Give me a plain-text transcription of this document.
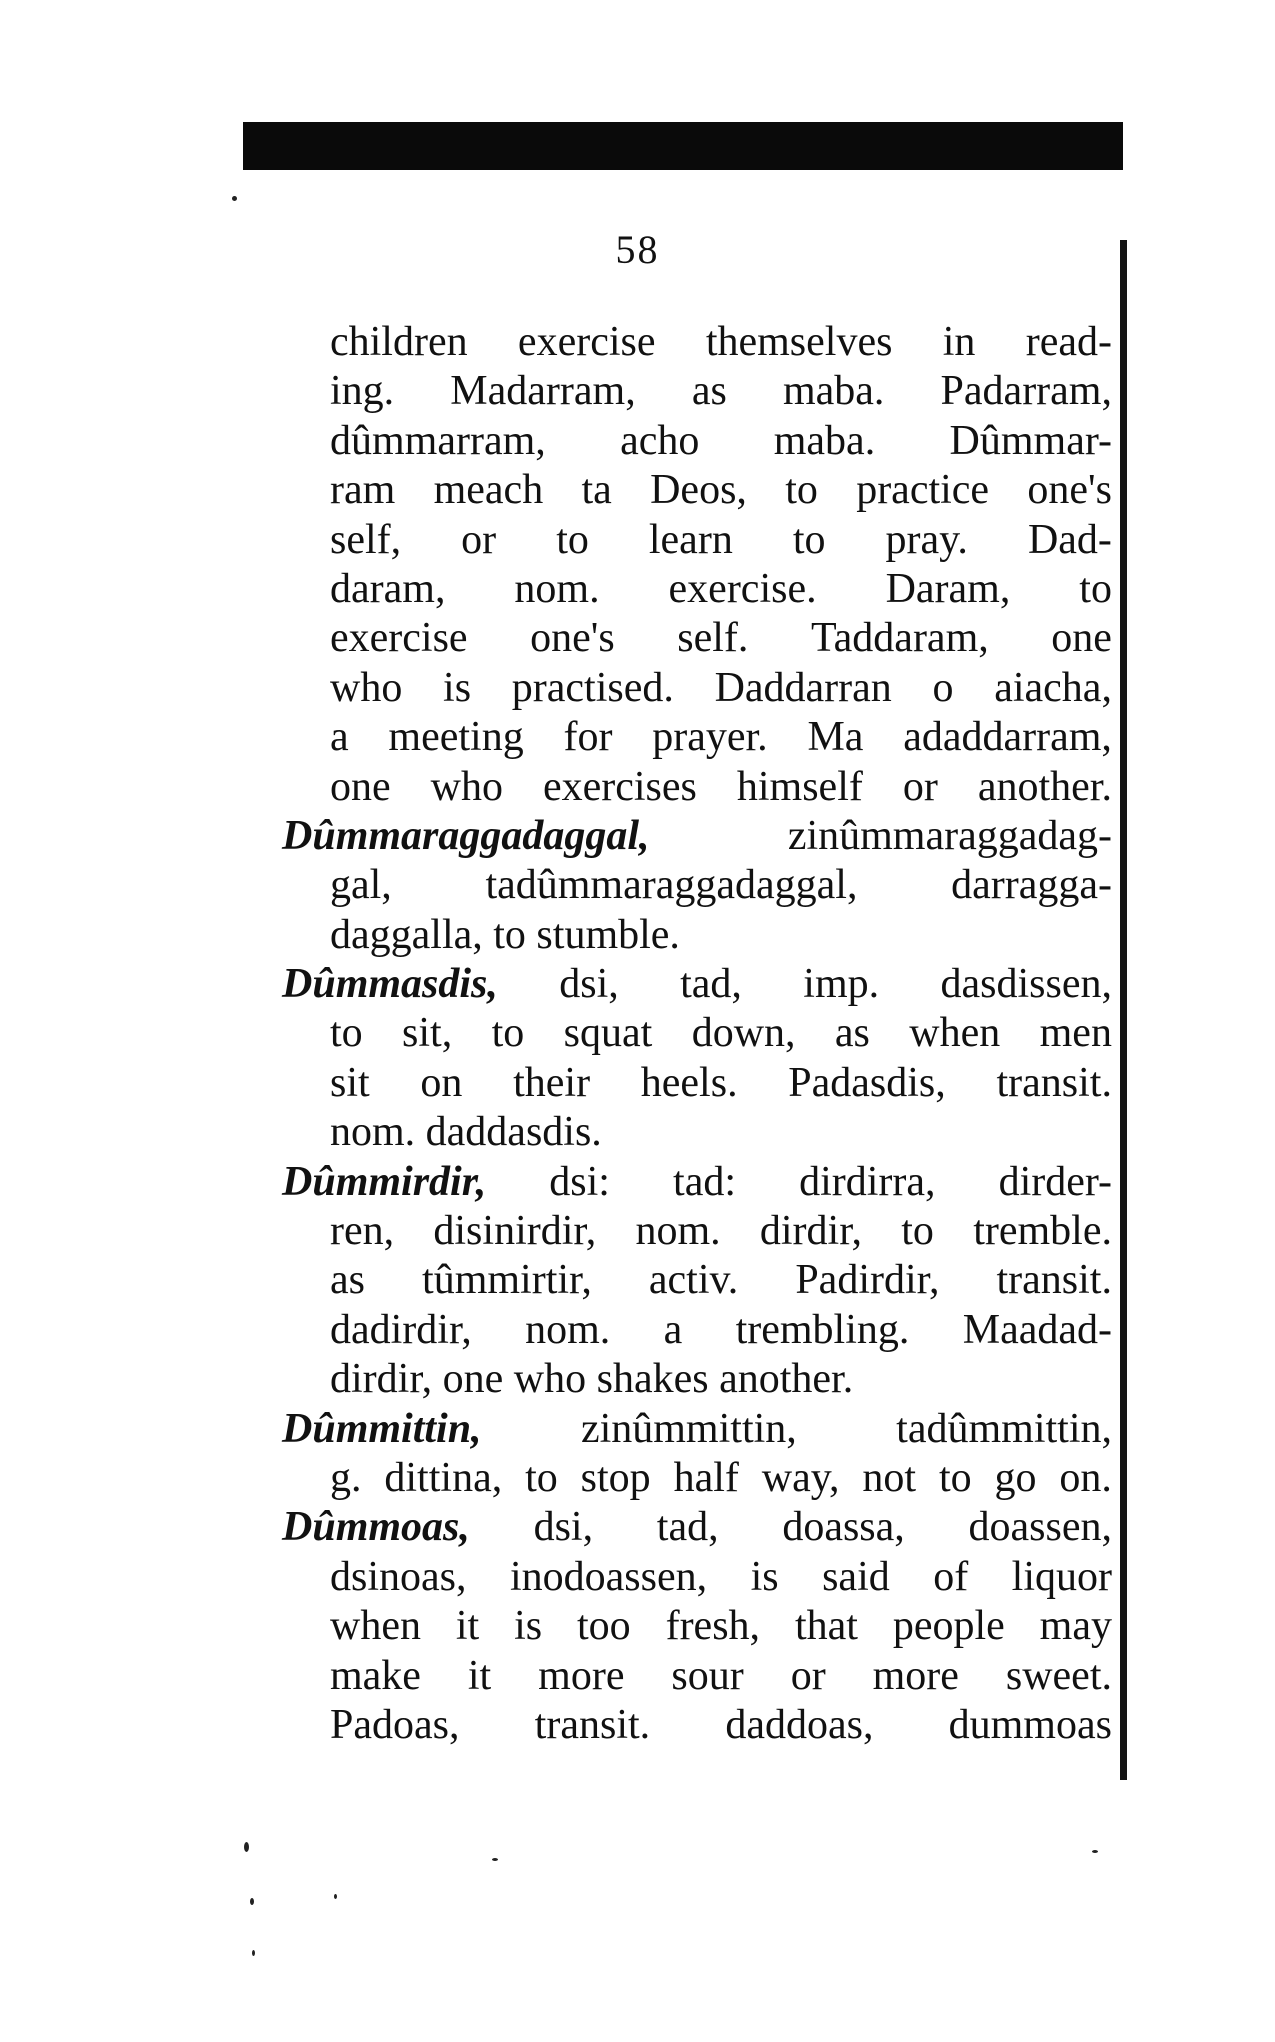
58
children exercise themselves in read-
ing. Madarram, as maba. Padarram,
dûmmarram, acho maba. Dûmmar-
ram meach ta Deos, to practice one's
self, or to learn to pray. Dad-
daram, nom. exercise. Daram, to
exercise one's self. Taddaram, one
who is practised. Daddarran o aiacha,
a meeting for prayer. Ma adaddarram,
one who exercises himself or another.
Dûmmaraggadaggal,	zinûmmaraggadag-
gal, tadûmmaraggadaggal, darragga-
daggalla, to stumble.
Dûmmasdis, dsi, tad, imp. dasdissen,
to sit, to squat down, as when men
sit on their heels. Padasdis, transit.
nom. daddasdis.
Dûmmirdir, dsi: tad: dirdirra, dirder-
ren, disinirdir, nom. dirdir, to tremble.
as tûmmirtir, activ. Padirdir, transit.
dadirdir, nom. a trembling. Maadad-
dirdir, one who shakes another.
Dûmmittin, zinûmmittin, tadûmmittin,
g. dittina, to stop half way, not to go on.
Dûmmoas, dsi, tad, doassa, doassen,
dsinoas, inodoassen, is said of liquor
when it is too fresh, that people may
make it more sour or more sweet.
Padoas, transit. daddoas, dummoas
